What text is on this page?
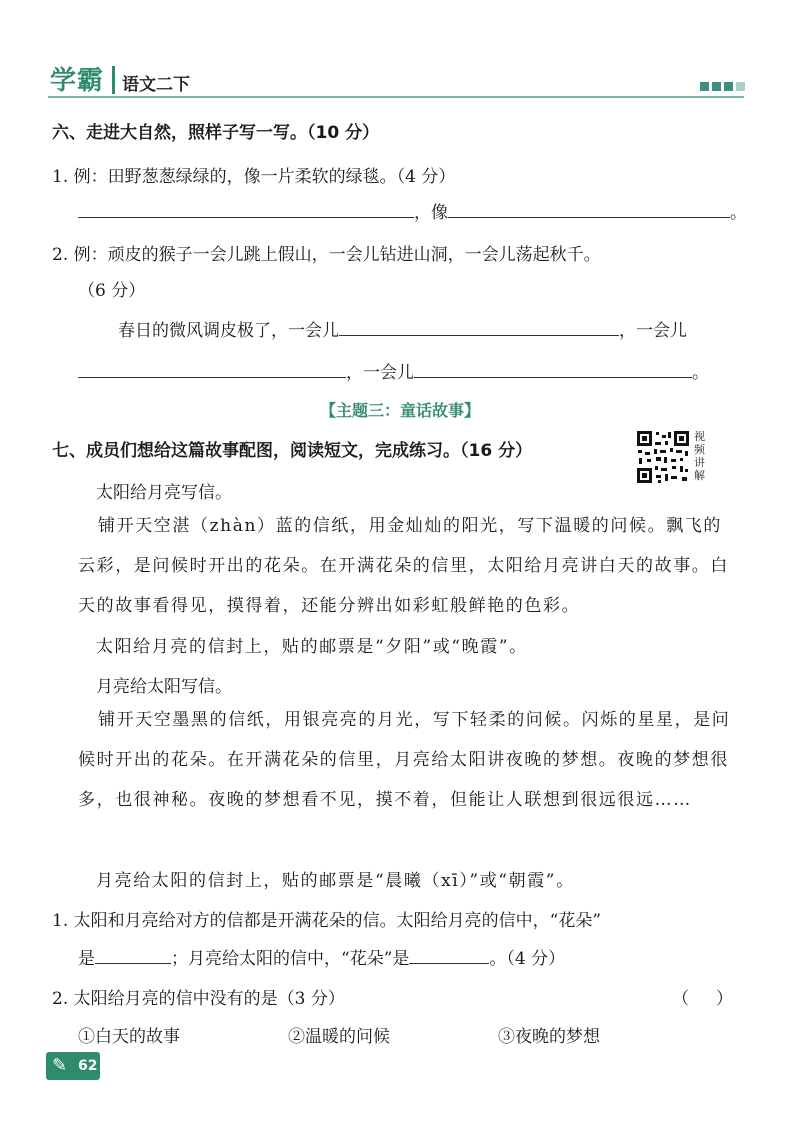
学霸 语文二下
六、走进大自然，照样子写一写。（10 分）
1. 例：田野葱葱绿绿的，像一片柔软的绿毯。（4 分）
，像	。
2. 例：顽皮的猴子一会儿跳上假山，一会儿钻进山洞，一会儿荡起秋千。
（6 分）
春日的微风调皮极了，一会儿	，一会儿
，一会儿	。
【主题三：童话故事】
七、成员们想给这篇故事配图，阅读短文，完成练习。（16 分）
视频讲解
太阳给月亮写信。
铺开天空湛（zhàn）蓝的信纸，用金灿灿的阳光，写下温暖的问候。飘飞的云彩，是问候时开出的花朵。在开满花朵的信里，太阳给月亮讲白天的故事。白天的故事看得见，摸得着，还能分辨出如彩虹般鲜艳的色彩。
太阳给月亮的信封上，贴的邮票是“夕阳”或“晚霞”。
月亮给太阳写信。
铺开天空墨黑的信纸，用银亮亮的月光，写下轻柔的问候。闪烁的星星，是问候时开出的花朵。在开满花朵的信里，月亮给太阳讲夜晚的梦想。夜晚的梦想很多，也很神秘。夜晚的梦想看不见，摸不着，但能让人联想到很远很远……
月亮给太阳的信封上，贴的邮票是“晨曦（xī）”或“朝霞”。
1. 太阳和月亮给对方的信都是开满花朵的信。太阳给月亮的信中，“花朵”
是	；月亮给太阳的信中，“花朵”是	。（4 分）
2. 太阳给月亮的信中没有的是（3 分）	（     ）
①白天的故事	②温暖的问候	③夜晚的梦想
✎ 62
